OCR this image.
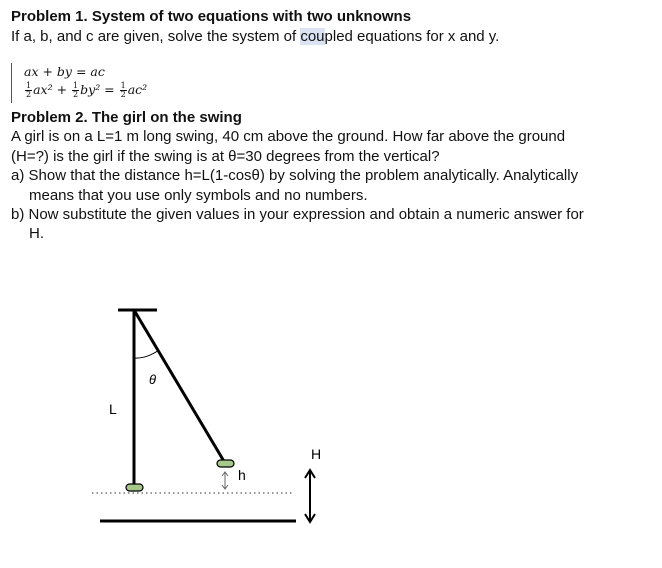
Problem 1. System of two equations with two unknowns
If a, b, and c are given, solve the system of coupled equations for x and y.
ax + by = ac
$\frac{1}{2} ax^2 + \frac{1}{2} by^2 = \frac{1}{2} ac^2$
Problem 2. The girl on the swing
A girl is on a L=1 m long swing, 40 cm above the ground. How far above the ground
(H=?) is the girl if the swing is at θ=30 degrees from the vertical?
a) Show that the distance h=L(1-cosθ) by solving the problem analytically. Analytically
means that you use only symbols and no numbers.
b) Now substitute the given values in your expression and obtain a numeric answer for
H.
L
θ
h
H
